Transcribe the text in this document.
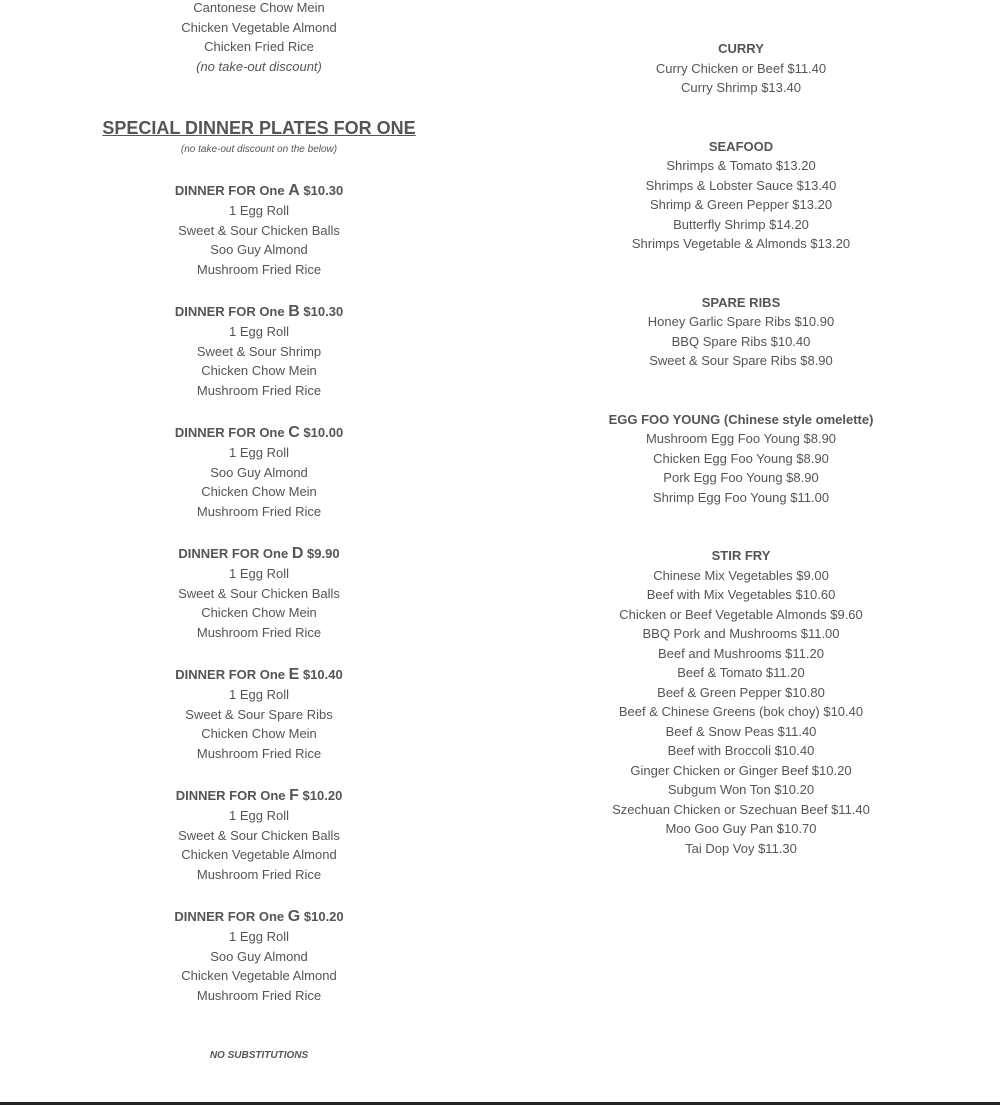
Cantonese Chow Mein
Chicken Vegetable Almond
Chicken Fried Rice
(no take-out discount)
SPECIAL DINNER PLATES FOR ONE
(no take-out discount on the below)
DINNER FOR One A $10.30
1 Egg Roll
Sweet & Sour Chicken Balls
Soo Guy Almond
Mushroom Fried Rice
DINNER FOR One B $10.30
1 Egg Roll
Sweet & Sour Shrimp
Chicken Chow Mein
Mushroom Fried Rice
DINNER FOR One C $10.00
1 Egg Roll
Soo Guy Almond
Chicken Chow Mein
Mushroom Fried Rice
DINNER FOR One D $9.90
1 Egg Roll
Sweet & Sour Chicken Balls
Chicken Chow Mein
Mushroom Fried Rice
DINNER FOR One E $10.40
1 Egg Roll
Sweet & Sour Spare Ribs
Chicken Chow Mein
Mushroom Fried Rice
DINNER FOR One F $10.20
1 Egg Roll
Sweet & Sour Chicken Balls
Chicken Vegetable Almond
Mushroom Fried Rice
DINNER FOR One G $10.20
1 Egg Roll
Soo Guy Almond
Chicken Vegetable Almond
Mushroom Fried Rice
NO SUBSTITUTIONS
CURRY
Curry Chicken or Beef $11.40
Curry Shrimp $13.40
SEAFOOD
Shrimps & Tomato $13.20
Shrimps & Lobster Sauce $13.40
Shrimp & Green Pepper $13.20
Butterfly Shrimp $14.20
Shrimps Vegetable & Almonds $13.20
SPARE RIBS
Honey Garlic Spare Ribs $10.90
BBQ Spare Ribs $10.40
Sweet & Sour Spare Ribs $8.90
EGG FOO YOUNG (Chinese style omelette)
Mushroom Egg Foo Young $8.90
Chicken Egg Foo Young $8.90
Pork Egg Foo Young $8.90
Shrimp Egg Foo Young $11.00
STIR FRY
Chinese Mix Vegetables $9.00
Beef with Mix Vegetables $10.60
Chicken or Beef Vegetable Almonds $9.60
BBQ Pork and Mushrooms $11.00
Beef and Mushrooms $11.20
Beef & Tomato $11.20
Beef & Green Pepper $10.80
Beef & Chinese Greens (bok choy) $10.40
Beef & Snow Peas $11.40
Beef with Broccoli $10.40
Ginger Chicken or Ginger Beef $10.20
Subgum Won Ton $10.20
Szechuan Chicken or Szechuan Beef $11.40
Moo Goo Guy Pan $10.70
Tai Dop Voy $11.30
